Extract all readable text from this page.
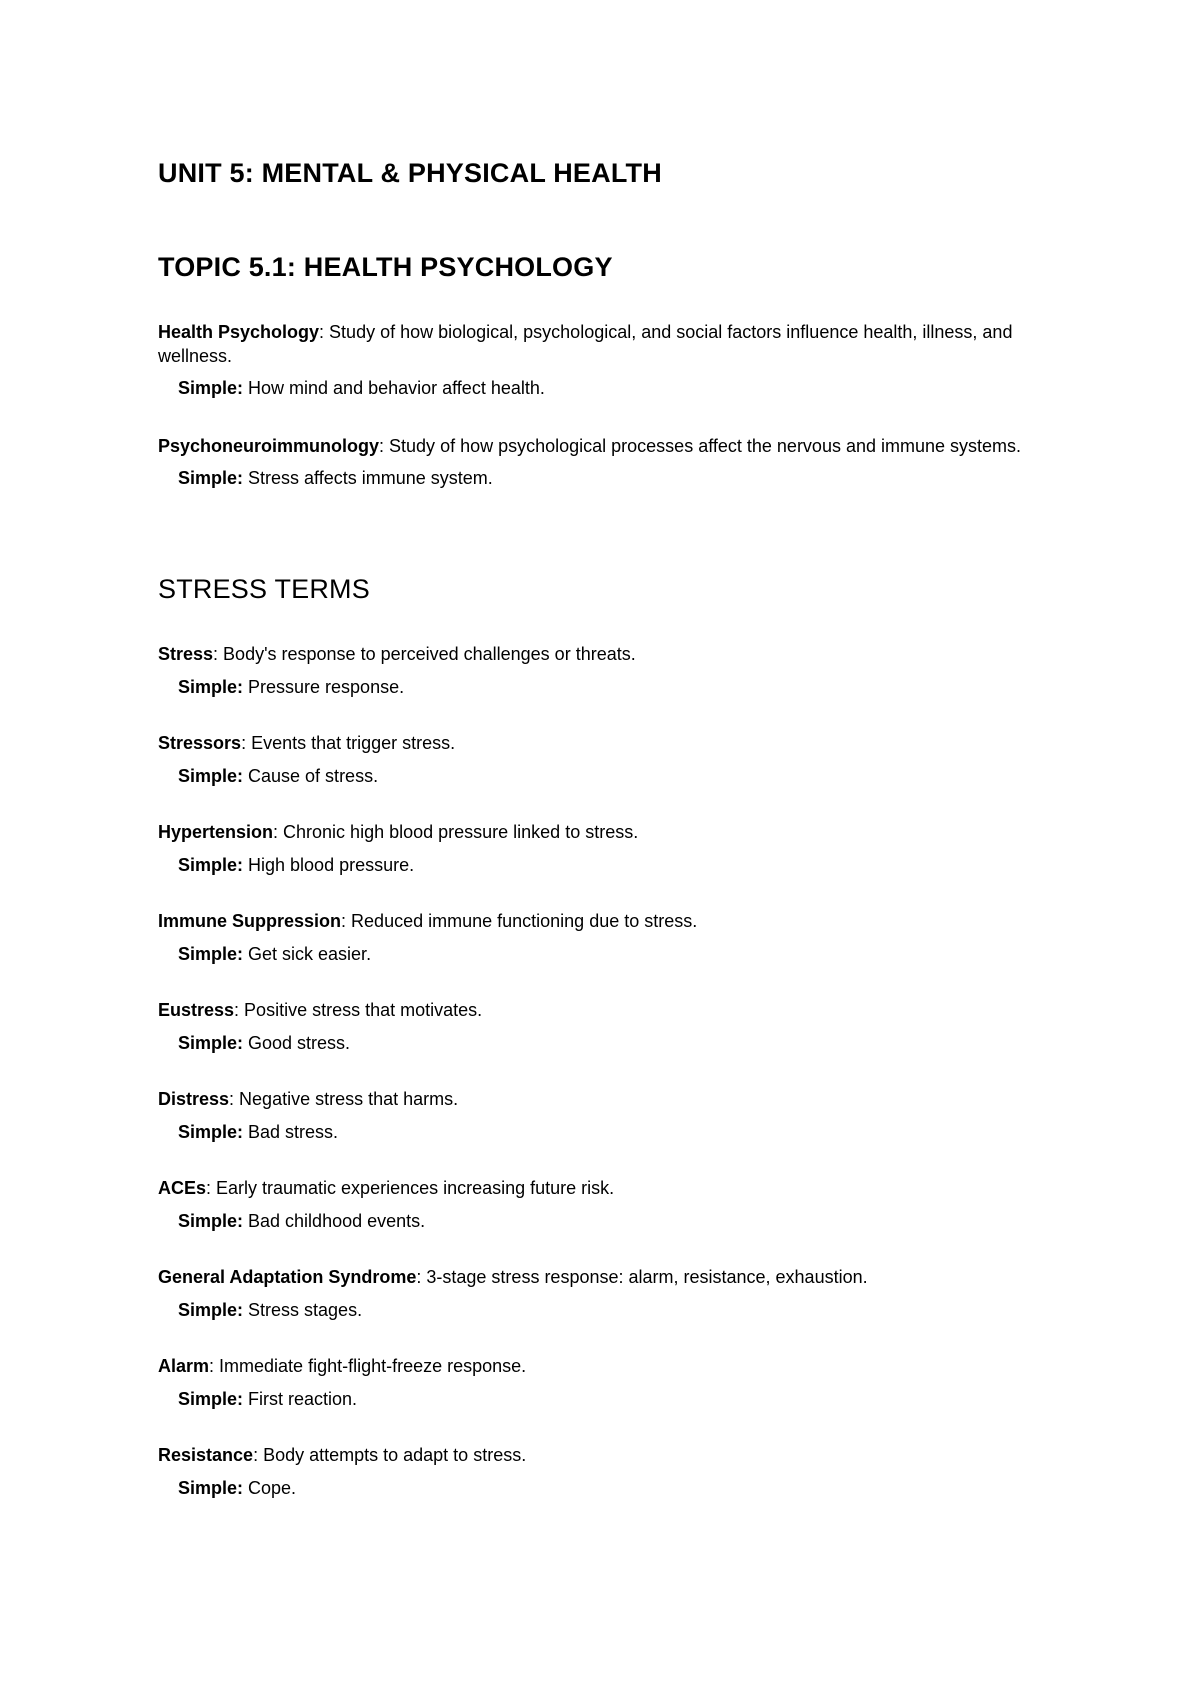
UNIT 5: MENTAL & PHYSICAL HEALTH
TOPIC 5.1: HEALTH PSYCHOLOGY

Health Psychology: Study of how biological, psychological, and social factors influence health, illness, and wellness.

Simple: How mind and behavior affect health.

Psychoneuroimmunology: Study of how psychological processes affect the nervous and immune systems.

Simple: Stress affects immune system.

STRESS TERMS

Stress: Body's response to perceived challenges or threats.

Simple: Pressure response.

Stressors: Events that trigger stress.

Simple: Cause of stress.

Hypertension: Chronic high blood pressure linked to stress.

Simple: High blood pressure.

Immune Suppression: Reduced immune functioning due to stress.

Simple: Get sick easier.

Eustress: Positive stress that motivates.

Simple: Good stress.

Distress: Negative stress that harms.

Simple: Bad stress.

ACEs: Early traumatic experiences increasing future risk.

Simple: Bad childhood events.

General Adaptation Syndrome: 3-stage stress response: alarm, resistance, exhaustion.

Simple: Stress stages.

Alarm: Immediate fight-flight-freeze response.

Simple: First reaction.

Resistance: Body attempts to adapt to stress.

Simple: Cope.
